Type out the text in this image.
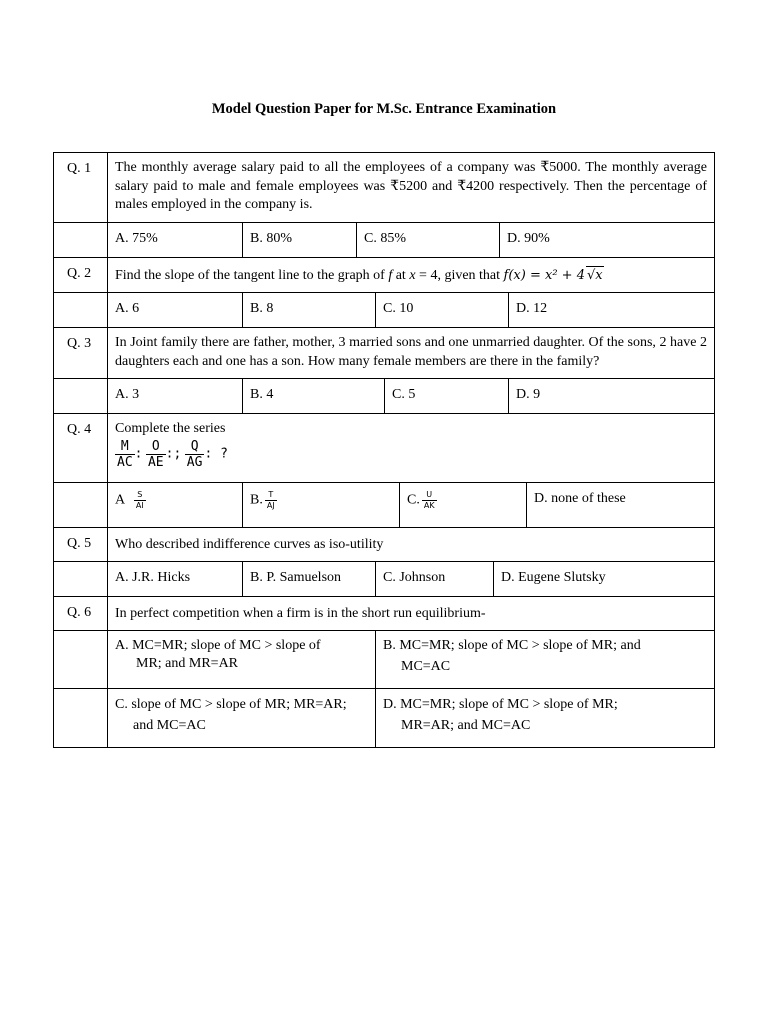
Model Question Paper for M.Sc. Entrance Examination
Q. 1	The monthly average salary paid to all the employees of a company was ₹5000. The monthly average salary paid to male and female employees was ₹5200 and ₹4200 respectively. Then the percentage of males employed in the company is.
A. 75%	B. 80%	C. 85%	D. 90%
Q. 2	Find the slope of the tangent line to the graph of f at x = 4, given that f(x) = x² + 4 √x
A. 6	B. 8	C. 10	D. 12
Q. 3	In Joint family there are father, mother, 3 married sons and one unmarried daughter. Of the sons, 2 have 2 daughters each and one has a son. How many female members are there in the family?
A. 3	B. 4	C. 5	D. 9
Q. 4	Complete the series
$\frac{M}{AC}$ : $\frac{O}{AE}$ :; $\frac{Q}{AG}$ : ?
A $\frac{S}{AI}$	B. $\frac{T}{AJ}$	C. $\frac{U}{AK}$	D. none of these
Q. 5	Who described indifference curves as iso-utility
A. J.R. Hicks	B. P. Samuelson	C. Johnson	D. Eugene Slutsky
Q. 6	In perfect competition when a firm is in the short run equilibrium-
A. MC=MR; slope of MC > slope of
MR; and MR=AR
B. MC=MR; slope of MC > slope of MR; and
MC=AC
C. slope of MC > slope of MR; MR=AR;
and MC=AC
D. MC=MR; slope of MC > slope of MR;
MR=AR; and MC=AC
